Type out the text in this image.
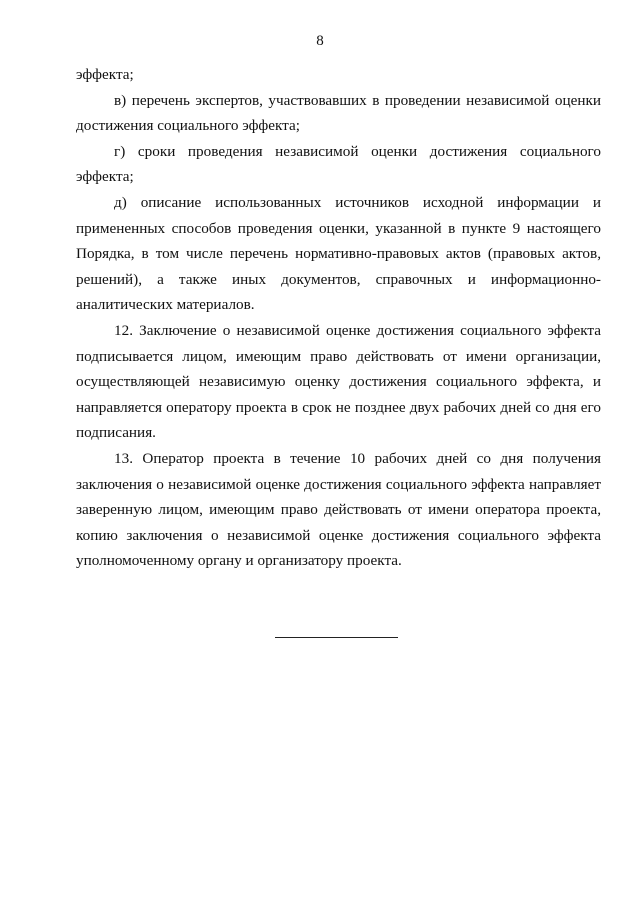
8

эффекта;

в) перечень экспертов, участвовавших в проведении независимой оценки достижения социального эффекта;

г) сроки проведения независимой оценки достижения социального эффекта;

д) описание использованных источников исходной информации и примененных способов проведения оценки, указанной в пункте 9 настоящего Порядка, в том числе перечень нормативно-правовых актов (правовых актов, решений), а также иных документов, справочных и информационно-аналитических материалов.

12. Заключение о независимой оценке достижения социального эффекта подписывается лицом, имеющим право действовать от имени организации, осуществляющей независимую оценку достижения социального эффекта, и направляется оператору проекта в срок не позднее двух рабочих дней со дня его подписания.

13. Оператор проекта в течение 10 рабочих дней со дня получения заключения о независимой оценке достижения социального эффекта направляет заверенную лицом, имеющим право действовать от имени оператора проекта, копию заключения о независимой оценке достижения социального эффекта уполномоченному органу и организатору проекта.
